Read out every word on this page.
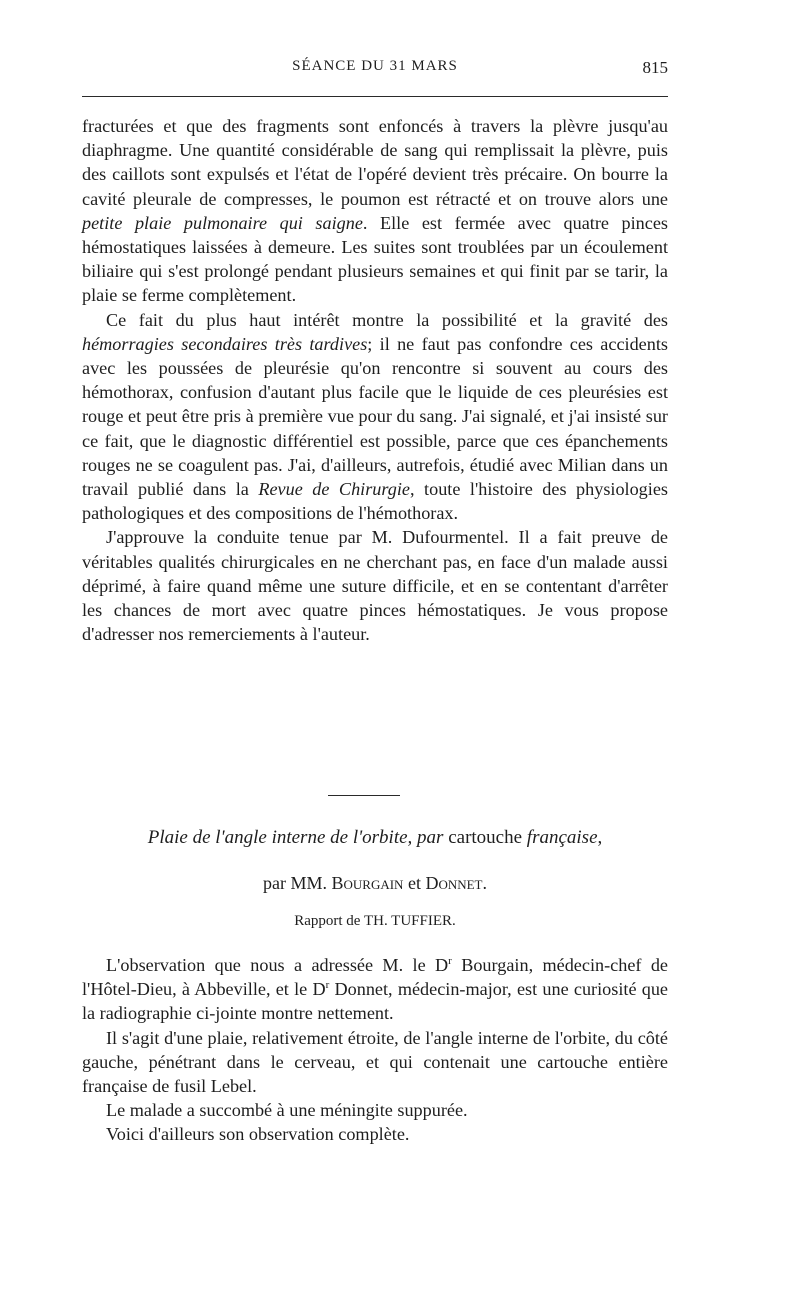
SÉANCE DU 31 MARS	815

fracturées et que des fragments sont enfoncés à travers la plèvre jusqu'au diaphragme. Une quantité considérable de sang qui remplissait la plèvre, puis des caillots sont expulsés et l'état de l'opéré devient très précaire. On bourre la cavité pleurale de compresses, le poumon est rétracté et on trouve alors une petite plaie pulmonaire qui saigne. Elle est fermée avec quatre pinces hémostatiques laissées à demeure. Les suites sont troublées par un écoulement biliaire qui s'est prolongé pendant plusieurs semaines et qui finit par se tarir, la plaie se ferme complètement.

Ce fait du plus haut intérêt montre la possibilité et la gravité des hémorragies secondaires très tardives; il ne faut pas confondre ces accidents avec les poussées de pleurésie qu'on rencontre si souvent au cours des hémothorax, confusion d'autant plus facile que le liquide de ces pleurésies est rouge et peut être pris à première vue pour du sang. J'ai signalé, et j'ai insisté sur ce fait, que le diagnostic différentiel est possible, parce que ces épanchements rouges ne se coagulent pas. J'ai, d'ailleurs, autrefois, étudié avec Milian dans un travail publié dans la Revue de Chirurgie, toute l'histoire des physiologies pathologiques et des compositions de l'hémothorax.

J'approuve la conduite tenue par M. Dufourmentel. Il a fait preuve de véritables qualités chirurgicales en ne cherchant pas, en face d'un malade aussi déprimé, à faire quand même une suture difficile, et en se contentant d'arrêter les chances de mort avec quatre pinces hémostatiques. Je vous propose d'adresser nos remerciements à l'auteur.

Plaie de l'angle interne de l'orbite, par cartouche française,
par MM. Bourgain et Donnet.
Rapport de TH. TUFFIER.

L'observation que nous a adressée M. le $D^r$ Bourgain, médecin-chef de l'Hôtel-Dieu, à Abbeville, et le $D^r$ Donnet, médecin-major, est une curiosité que la radiographie ci-jointe montre nettement.

Il s'agit d'une plaie, relativement étroite, de l'angle interne de l'orbite, du côté gauche, pénétrant dans le cerveau, et qui contenait une cartouche entière française de fusil Lebel.

Le malade a succombé à une méningite suppurée.

Voici d'ailleurs son observation complète.
